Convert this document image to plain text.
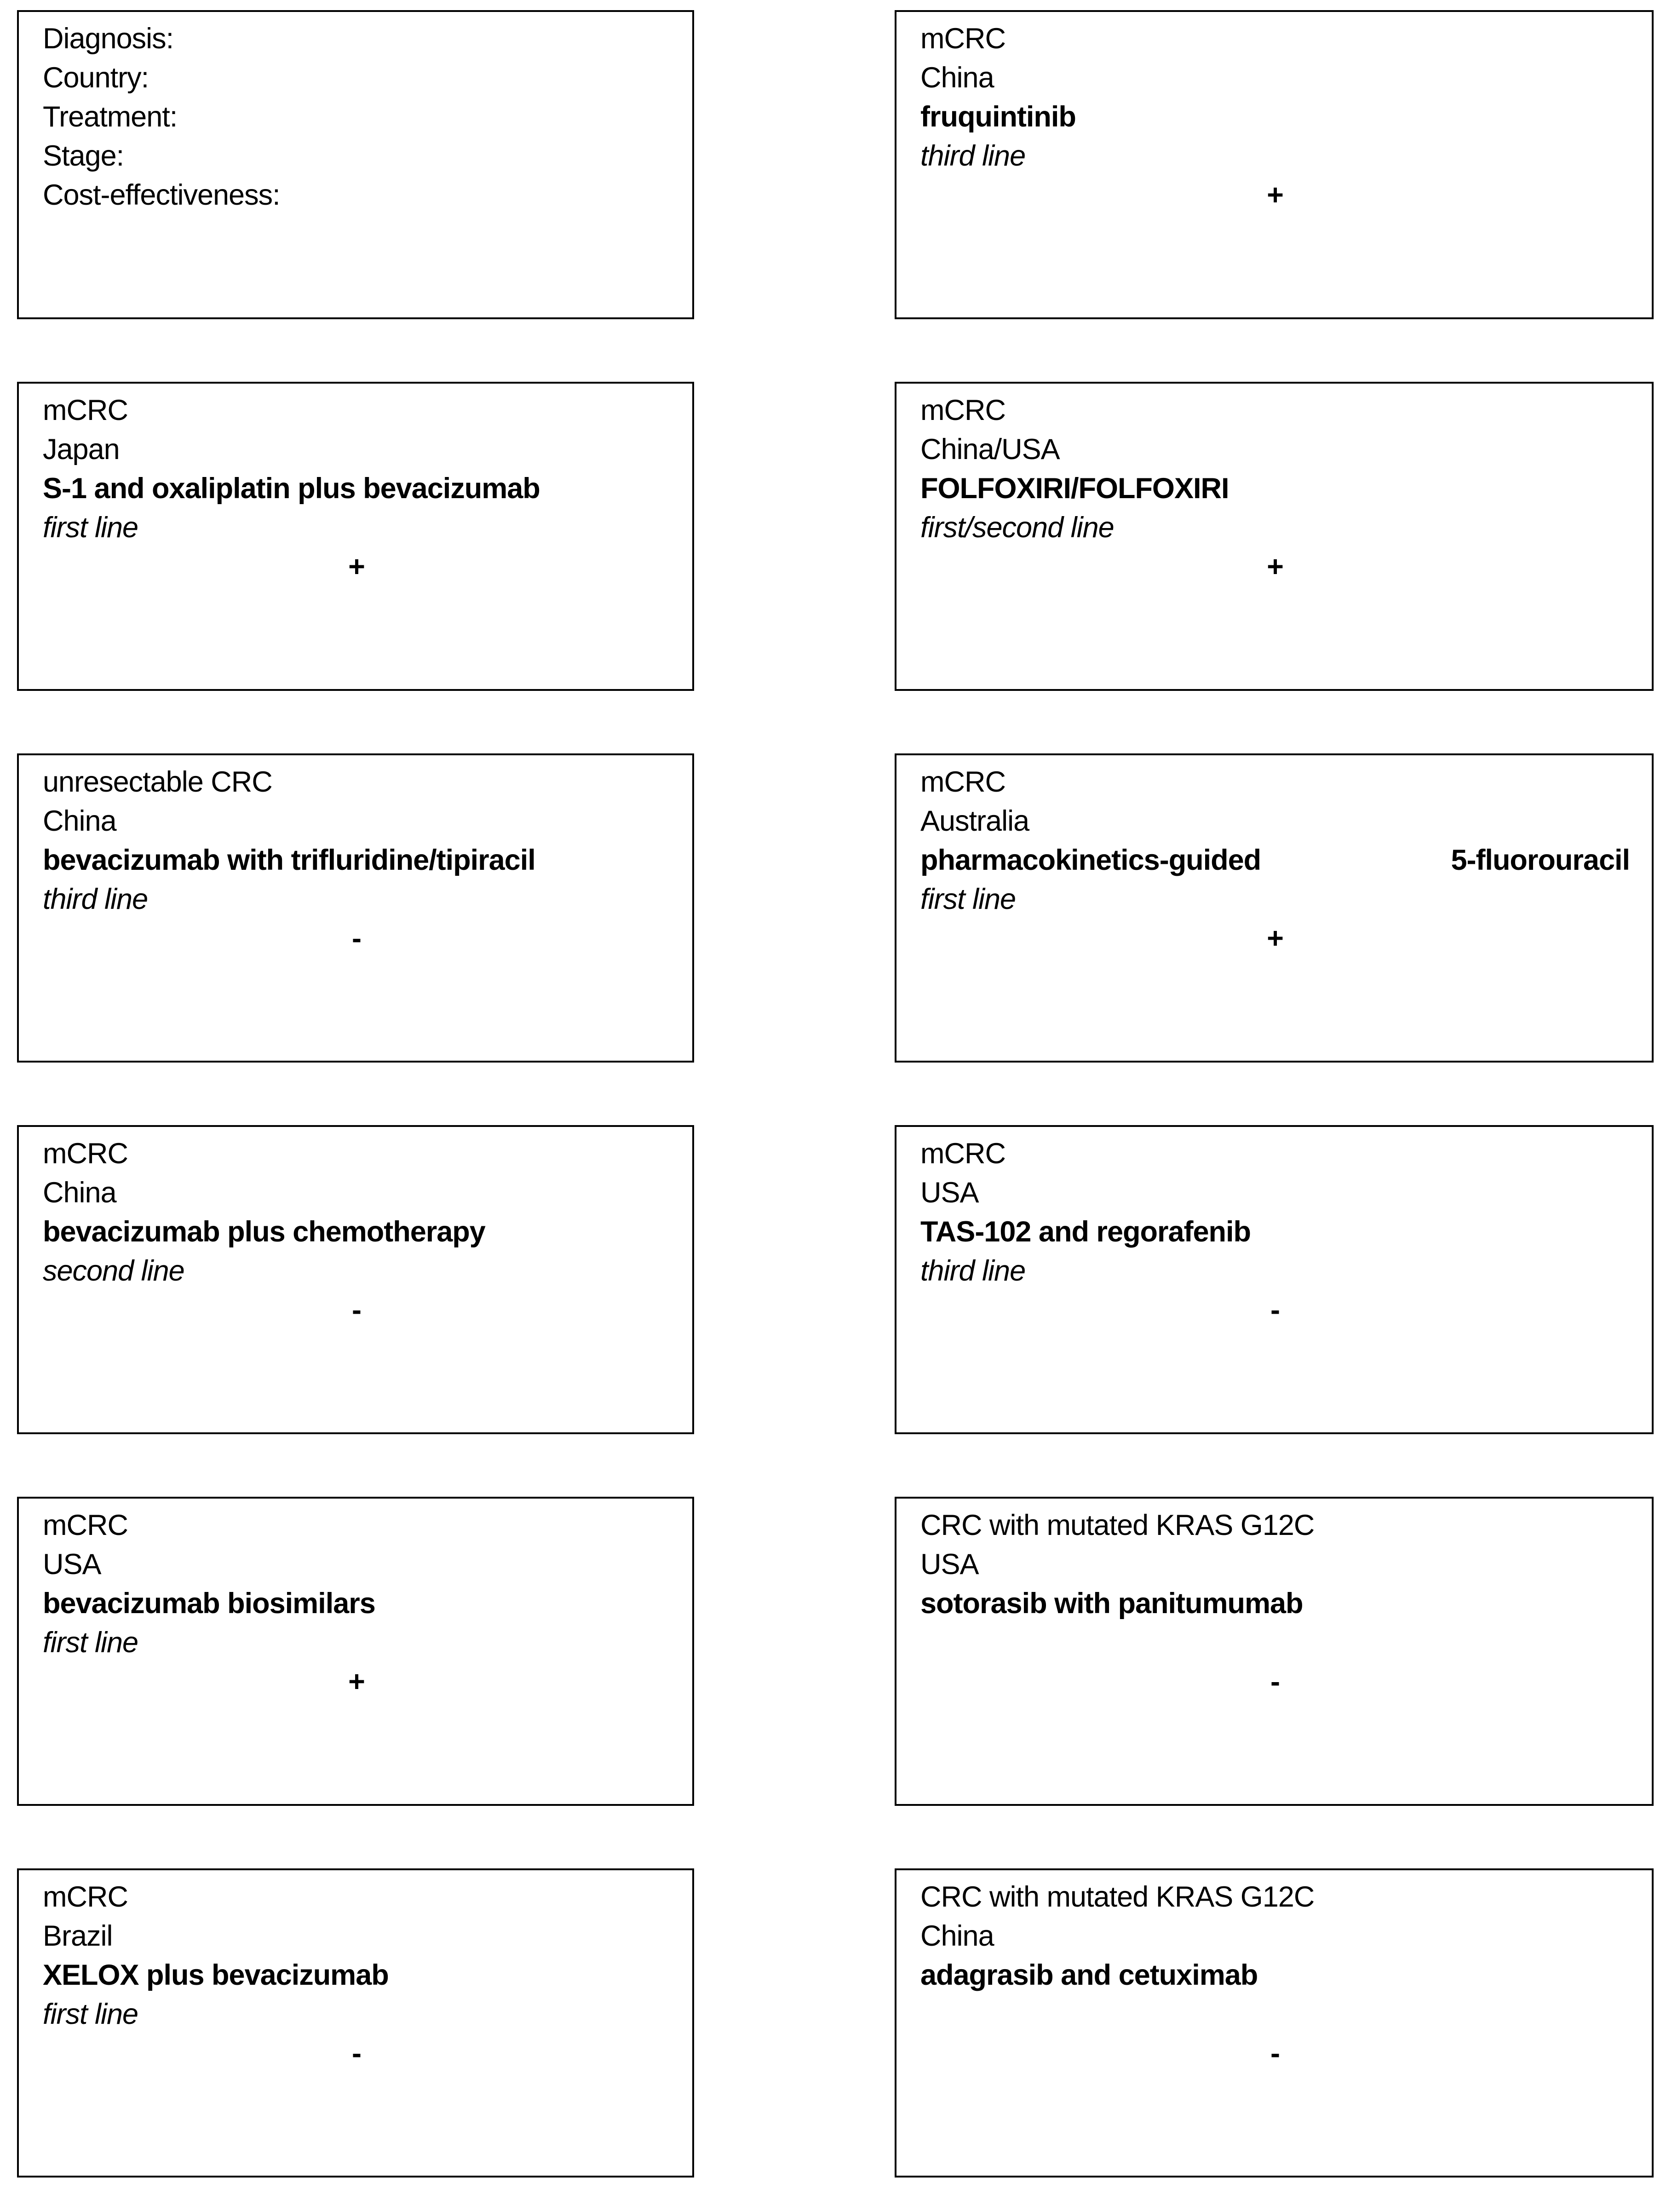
Diagnosis:
Country:
Treatment:
Stage:
Cost-effectiveness:
mCRC
China
fruquintinib
third line
+
mCRC
Japan
S-1 and oxaliplatin plus bevacizumab
first line
+
mCRC
China/USA
FOLFOXIRI/FOLFOXIRI
first/second line
+
unresectable CRC
China
bevacizumab with trifluridine/tipiracil
third line
-
mCRC
Australia
pharmacokinetics-guided	5-fluorouracil
first line
+
mCRC
China
bevacizumab plus chemotherapy
second line
-
mCRC
USA
TAS-102 and regorafenib
third line
-
mCRC
USA
bevacizumab biosimilars
first line
+
CRC with mutated KRAS G12C
USA
sotorasib with panitumumab
-
mCRC
Brazil
XELOX plus bevacizumab
first line
-
CRC with mutated KRAS G12C
China
adagrasib and cetuximab
-
